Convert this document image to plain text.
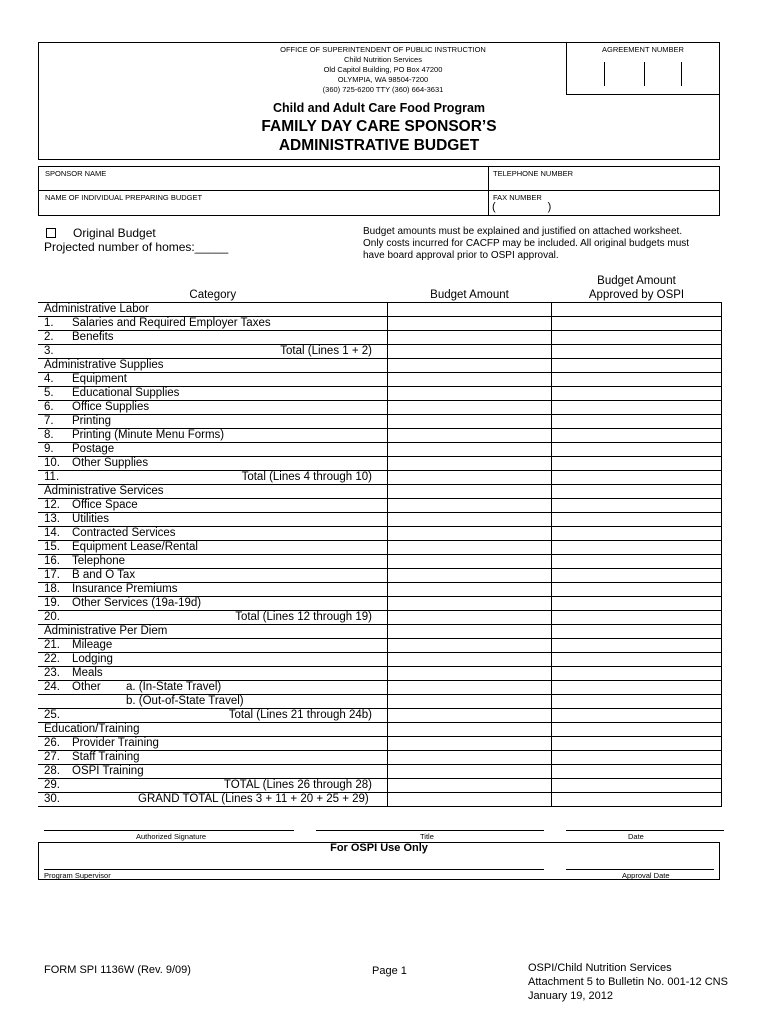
OFFICE OF SUPERINTENDENT OF PUBLIC INSTRUCTION
Child Nutrition Services
Old Capitol Building, PO Box 47200
OLYMPIA, WA 98504-7200
(360) 725-6200 TTY (360) 664-3631
AGREEMENT NUMBER
Child and Adult Care Food Program
FAMILY DAY CARE SPONSOR’S
ADMINISTRATIVE BUDGET
SPONSOR NAME	TELEPHONE NUMBER
NAME OF INDIVIDUAL PREPARING BUDGET	FAX NUMBER
(                 )
Original Budget
Projected number of homes:_____
Budget amounts must be explained and justified on attached worksheet.
Only costs incurred for CACFP may be included. All original budgets must
have board approval prior to OSPI approval.
Category	Budget Amount	Budget Amount
Approved by OSPI

Administrative Labor		

1. Salaries and Required Employer Taxes		

2. Benefits		

3. Total (Lines 1 + 2)		

Administrative Supplies		

4. Equipment		

5. Educational Supplies		

6. Office Supplies		

7. Printing		

8. Printing (Minute Menu Forms)		

9. Postage		

10. Other Supplies		

11. Total (Lines 4 through 10)		

Administrative Services		

12. Office Space		

13. Utilities		

14. Contracted Services		

15. Equipment Lease/Rental		

16. Telephone		

17. B and O Tax		

18. Insurance Premiums		

19. Other Services (19a-19d)		

20. Total (Lines 12 through 19)		

Administrative Per Diem		

21. Mileage		

22. Lodging		

23. Meals		

24. Other a. (In-State Travel)		

b. (Out-of-State Travel)		

25. Total (Lines 21 through 24b)		

Education/Training		

26. Provider Training		

27. Staff Training		

28. OSPI Training		

29. TOTAL (Lines 26 through 28)		

30. GRAND TOTAL (Lines 3 + 11 + 20 + 25 + 29)		

Authorized Signature	Title	Date
For OSPI Use Only
Program Supervisor	Approval Date
FORM SPI 1136W (Rev. 9/09)	Page 1	OSPI/Child Nutrition Services
Attachment 5 to Bulletin No. 001-12 CNS
January 19, 2012
